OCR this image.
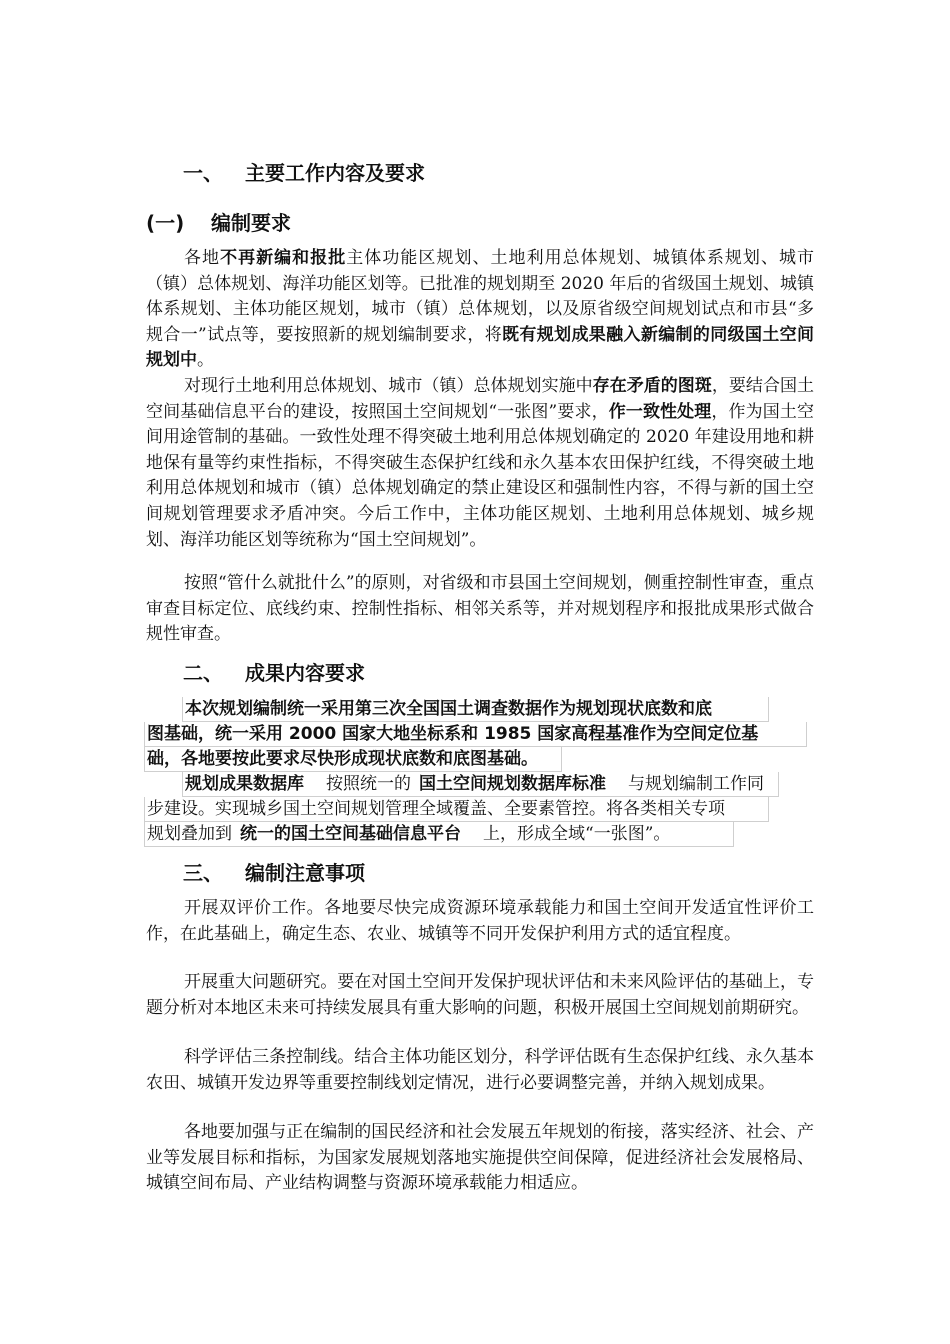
一、 主要工作内容及要求
(一) 编制要求

各地不再新编和报批主体功能区规划、土地利用总体规划、城镇体系规划、城市（镇）总体规划、海洋功能区划等。已批准的规划期至 2020 年后的省级国土规划、城镇体系规划、主体功能区规划，城市（镇）总体规划，以及原省级空间规划试点和市县“多规合一”试点等，要按照新的规划编制要求，将既有规划成果融入新编制的同级国土空间规划中。

对现行土地利用总体规划、城市（镇）总体规划实施中存在矛盾的图斑，要结合国土空间基础信息平台的建设，按照国土空间规划“一张图”要求，作一致性处理，作为国土空间用途管制的基础。一致性处理不得突破土地利用总体规划确定的 2020 年建设用地和耕地保有量等约束性指标，不得突破生态保护红线和永久基本农田保护红线，不得突破土地利用总体规划和城市（镇）总体规划确定的禁止建设区和强制性内容，不得与新的国土空间规划管理要求矛盾冲突。今后工作中，主体功能区规划、土地利用总体规划、城乡规划、海洋功能区划等统称为“国土空间规划”。

按照“管什么就批什么”的原则，对省级和市县国土空间规划，侧重控制性审查，重点审查目标定位、底线约束、控制性指标、相邻关系等，并对规划程序和报批成果形式做合规性审查。

二、 成果内容要求
本次规划编制统一采用第三次全国国土调查数据作为规划现状底数和底
图基础，统一采用 2000 国家大地坐标系和 1985 国家高程基准作为空间定位基
础，各地要按此要求尽快形成现状底数和底图基础。
规划成果数据库 按照统一的 国土空间规划数据库标准 与规划编制工作同
步建设。实现城乡国土空间规划管理全域覆盖、全要素管控。将各类相关专项
规划叠加到 统一的国土空间基础信息平台 上，形成全域“一张图”。
三、 编制注意事项

开展双评价工作。各地要尽快完成资源环境承载能力和国土空间开发适宜性评价工作，在此基础上，确定生态、农业、城镇等不同开发保护利用方式的适宜程度。

开展重大问题研究。要在对国土空间开发保护现状评估和未来风险评估的基础上，专题分析对本地区未来可持续发展具有重大影响的问题，积极开展国土空间规划前期研究。

科学评估三条控制线。结合主体功能区划分，科学评估既有生态保护红线、永久基本农田、城镇开发边界等重要控制线划定情况，进行必要调整完善，并纳入规划成果。

各地要加强与正在编制的国民经济和社会发展五年规划的衔接，落实经济、社会、产业等发展目标和指标，为国家发展规划落地实施提供空间保障，促进经济社会发展格局、城镇空间布局、产业结构调整与资源环境承载能力相适应。
